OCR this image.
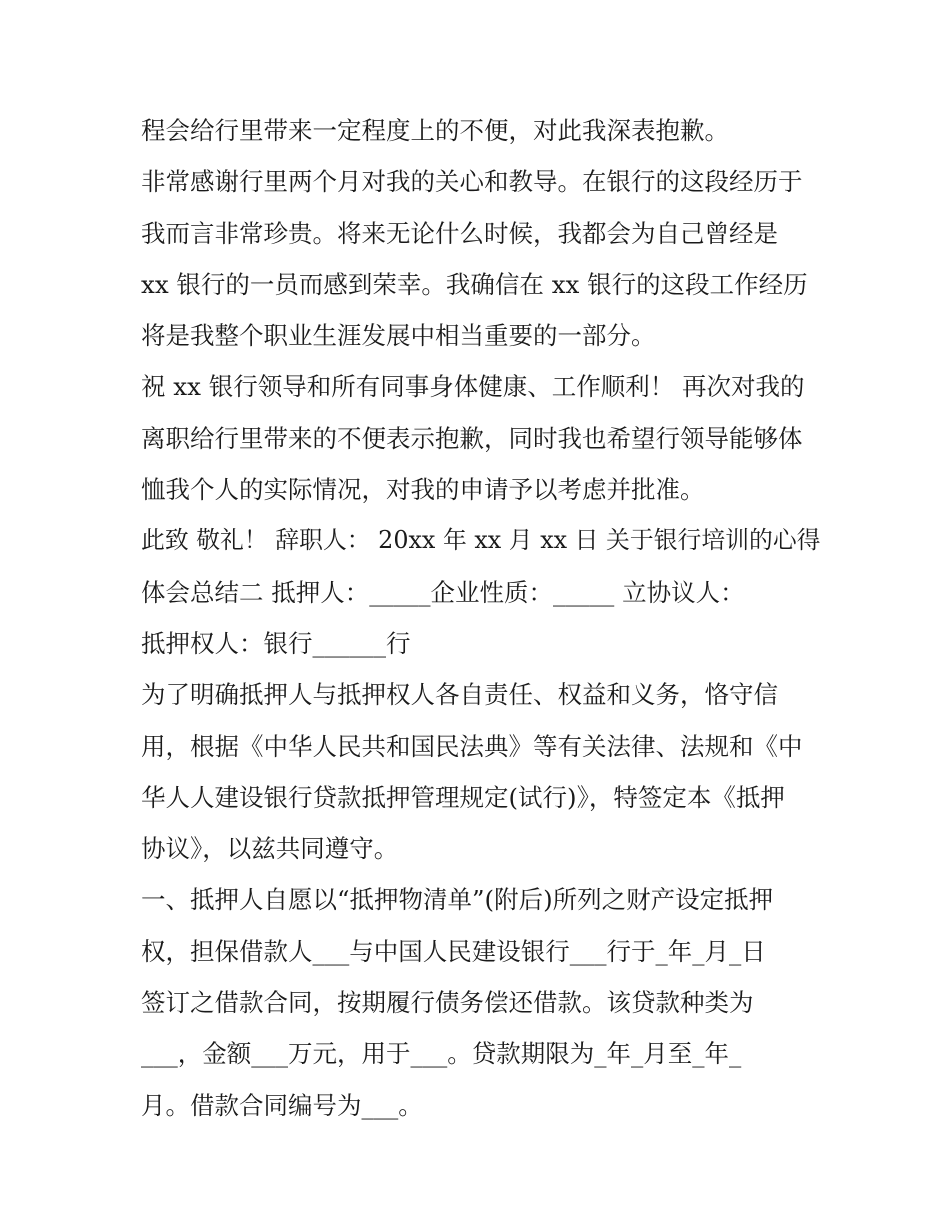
程会给行里带来一定程度上的不便，对此我深表抱歉。
非常感谢行里两个月对我的关心和教导。在银行的这段经历于
我而言非常珍贵。将来无论什么时候，我都会为自己曾经是
xx 银行的一员而感到荣幸。我确信在 xx 银行的这段工作经历
将是我整个职业生涯发展中相当重要的一部分。
祝 xx 银行领导和所有同事身体健康、工作顺利！ 再次对我的
离职给行里带来的不便表示抱歉，同时我也希望行领导能够体
恤我个人的实际情况，对我的申请予以考虑并批准。
此致 敬礼！ 辞职人： 20xx 年 xx 月 xx 日 关于银行培训的心得
体会总结二 抵押人：_____企业性质：_____ 立协议人：
抵押权人：银行______行
为了明确抵押人与抵押权人各自责任、权益和义务，恪守信
用，根据《中华人民共和国民法典》等有关法律、法规和《中
华人人建设银行贷款抵押管理规定(试行)》，特签定本《抵押
协议》，以兹共同遵守。
一、抵押人自愿以“抵押物清单”(附后)所列之财产设定抵押
权，担保借款人___与中国人民建设银行___行于_年_月_日
签订之借款合同，按期履行债务偿还借款。该贷款种类为
___，金额___万元，用于___。贷款期限为_年_月至_年_
月。借款合同编号为___。
